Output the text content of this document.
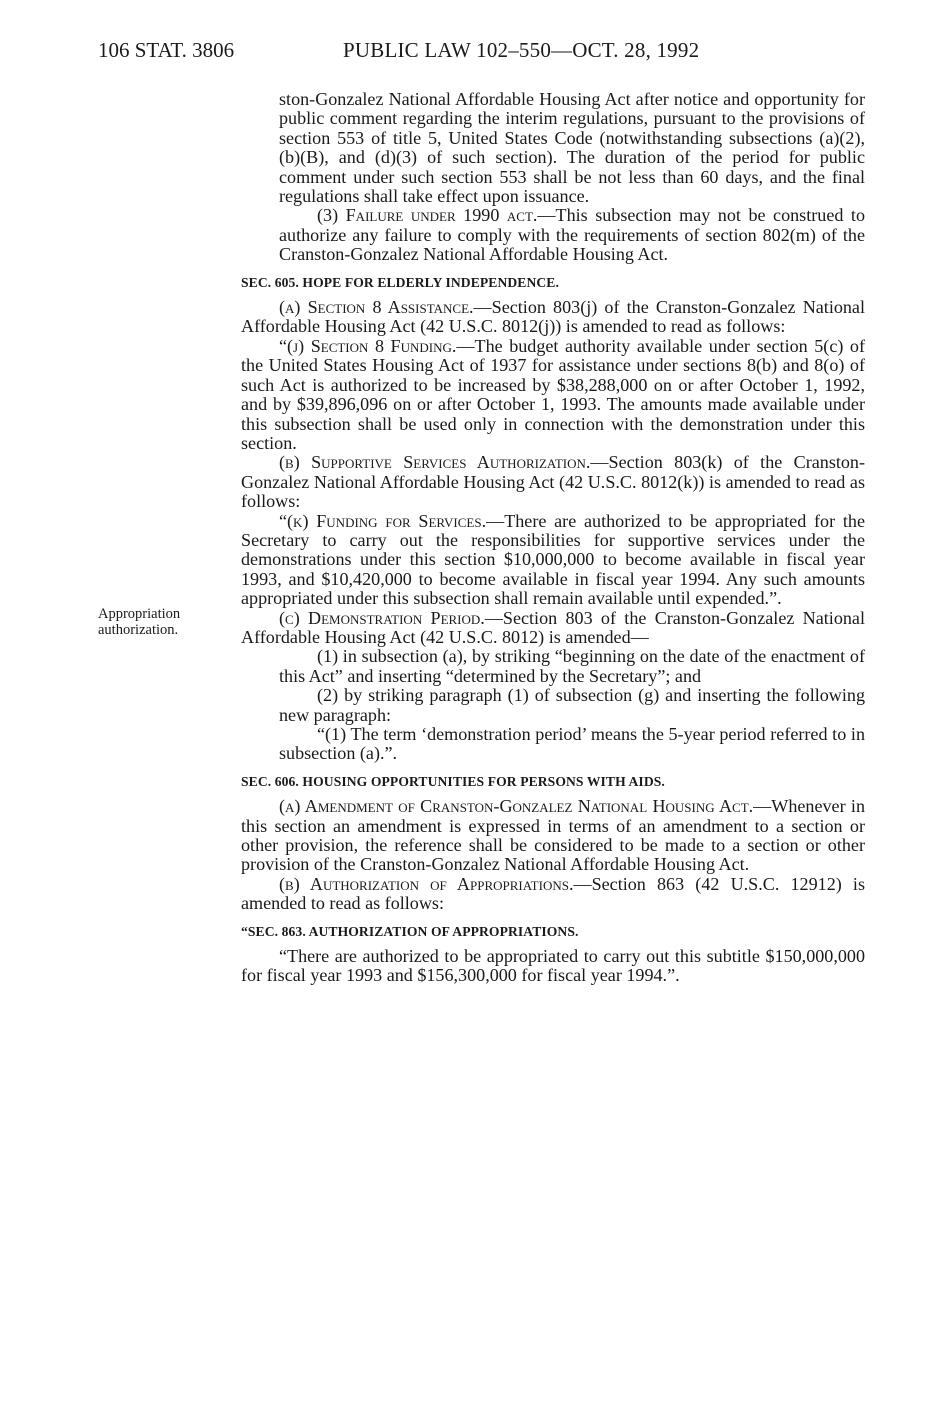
106 STAT. 3806	PUBLIC LAW 102–550—OCT. 28, 1992
Appropriation
authorization.

ston-Gonzalez National Affordable Housing Act after notice and opportunity for public comment regarding the interim regulations, pursuant to the provisions of section 553 of title 5, United States Code (notwithstanding subsections (a)(2), (b)(B), and (d)(3) of such section). The duration of the period for public comment under such section 553 shall be not less than 60 days, and the final regulations shall take effect upon issuance.

(3) Failure under 1990 act.—This subsection may not be construed to authorize any failure to comply with the requirements of section 802(m) of the Cranston-Gonzalez National Affordable Housing Act.

SEC. 605. HOPE FOR ELDERLY INDEPENDENCE.

(a) Section 8 Assistance.—Section 803(j) of the Cranston-Gonzalez National Affordable Housing Act (42 U.S.C. 8012(j)) is amended to read as follows:

“(j) Section 8 Funding.—The budget authority available under section 5(c) of the United States Housing Act of 1937 for assistance under sections 8(b) and 8(o) of such Act is authorized to be increased by $38,288,000 on or after October 1, 1992, and by $39,896,096 on or after October 1, 1993. The amounts made available under this subsection shall be used only in connection with the demonstration under this section.

(b) Supportive Services Authorization.—Section 803(k) of the Cranston-Gonzalez National Affordable Housing Act (42 U.S.C. 8012(k)) is amended to read as follows:

“(k) Funding for Services.—There are authorized to be appropriated for the Secretary to carry out the responsibilities for supportive services under the demonstrations under this section $10,000,000 to become available in fiscal year 1993, and $10,420,000 to become available in fiscal year 1994. Any such amounts appropriated under this subsection shall remain available until expended.”.

(c) Demonstration Period.—Section 803 of the Cranston-Gonzalez National Affordable Housing Act (42 U.S.C. 8012) is amended—

(1) in subsection (a), by striking “beginning on the date of the enactment of this Act” and inserting “determined by the Secretary”; and

(2) by striking paragraph (1) of subsection (g) and inserting the following new paragraph:

“(1) The term ‘demonstration period’ means the 5-year period referred to in subsection (a).”.

SEC. 606. HOUSING OPPORTUNITIES FOR PERSONS WITH AIDS.

(a) Amendment of Cranston-Gonzalez National Housing Act.—Whenever in this section an amendment is expressed in terms of an amendment to a section or other provision, the reference shall be considered to be made to a section or other provision of the Cranston-Gonzalez National Affordable Housing Act.

(b) Authorization of Appropriations.—Section 863 (42 U.S.C. 12912) is amended to read as follows:

“SEC. 863. AUTHORIZATION OF APPROPRIATIONS.

“There are authorized to be appropriated to carry out this subtitle $150,000,000 for fiscal year 1993 and $156,300,000 for fiscal year 1994.”.
